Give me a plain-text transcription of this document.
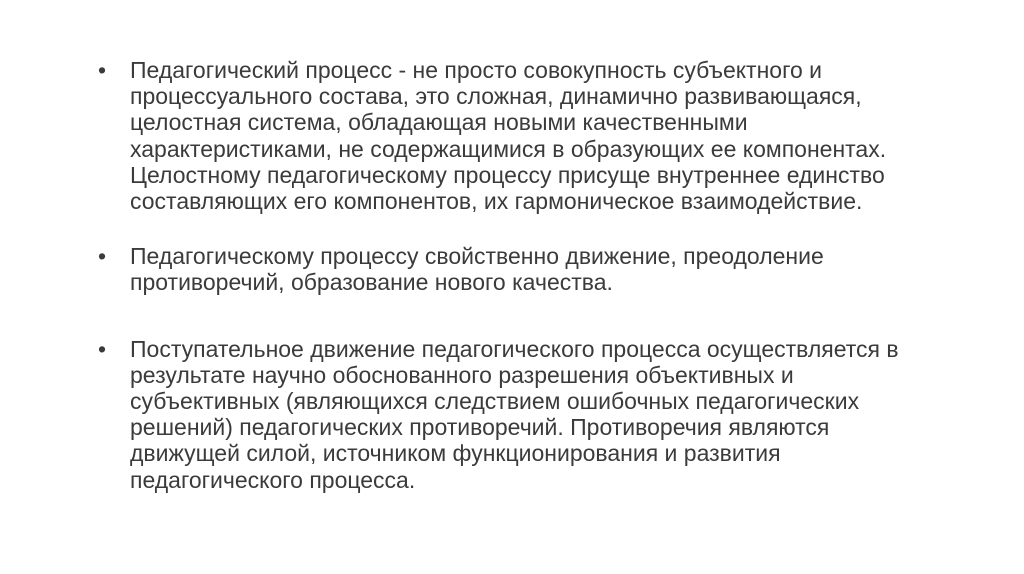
•	Педагогический процесс - не просто совокупность субъектного и процессуального состава, это сложная, динамично развивающаяся, целостная система, обладающая новыми качественными характеристиками, не содержащимися в образующих ее компонентах. Целостному педагогическому процессу присуще внутреннее единство составляющих его компонентов, их гармоническое взаимодействие.
•	Педагогическому процессу свойственно движение, преодоление противоречий, образование нового качества.
•	Поступательное движение педагогического процесса осуществляется в результате научно обоснованного разрешения объективных и субъективных (являющихся следствием ошибочных педагогических решений) педагогических противоречий. Противоречия являются движущей силой, источником функционирования и развития педагогического процесса.
